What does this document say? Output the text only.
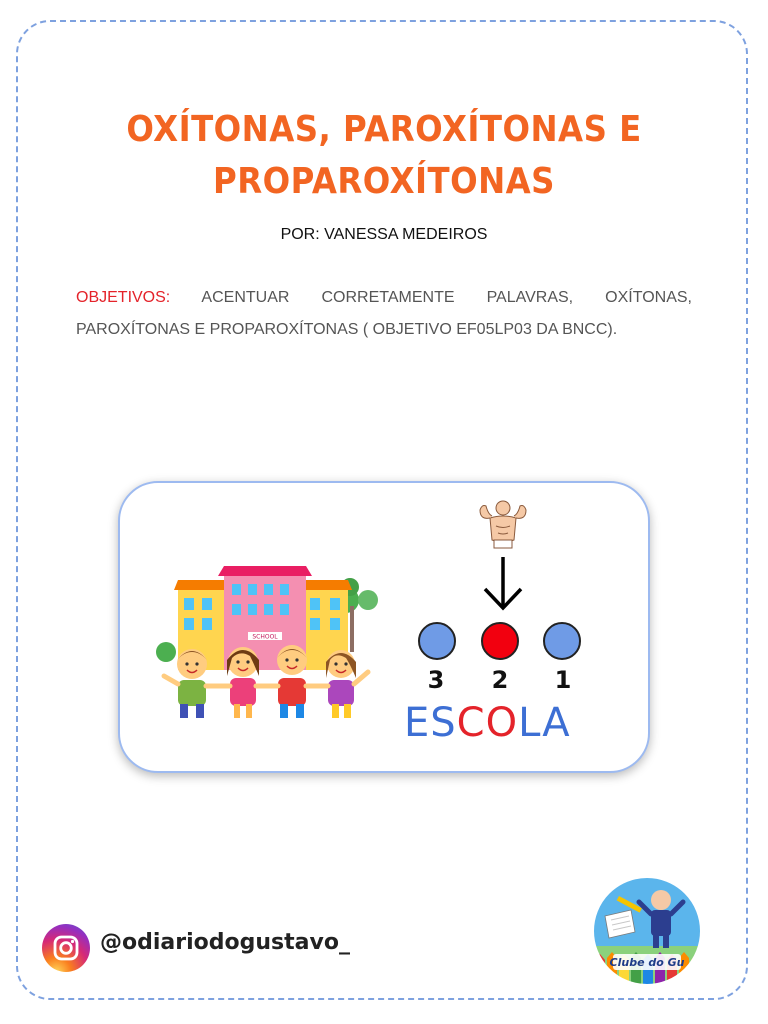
OXÍTONAS, PAROXÍTONAS E
PROPAROXÍTONAS
POR: VANESSA MEDEIROS
OBJETIVOS: ACENTUAR CORRETAMENTE PALAVRAS, OXÍTONAS, PAROXÍTONAS E PROPAROXÍTONAS ( OBJETIVO EF05LP03 DA BNCC).
SCHOOL
3	2	1
ESCOLA
@odiariodogustavo_
Clube do Gu
